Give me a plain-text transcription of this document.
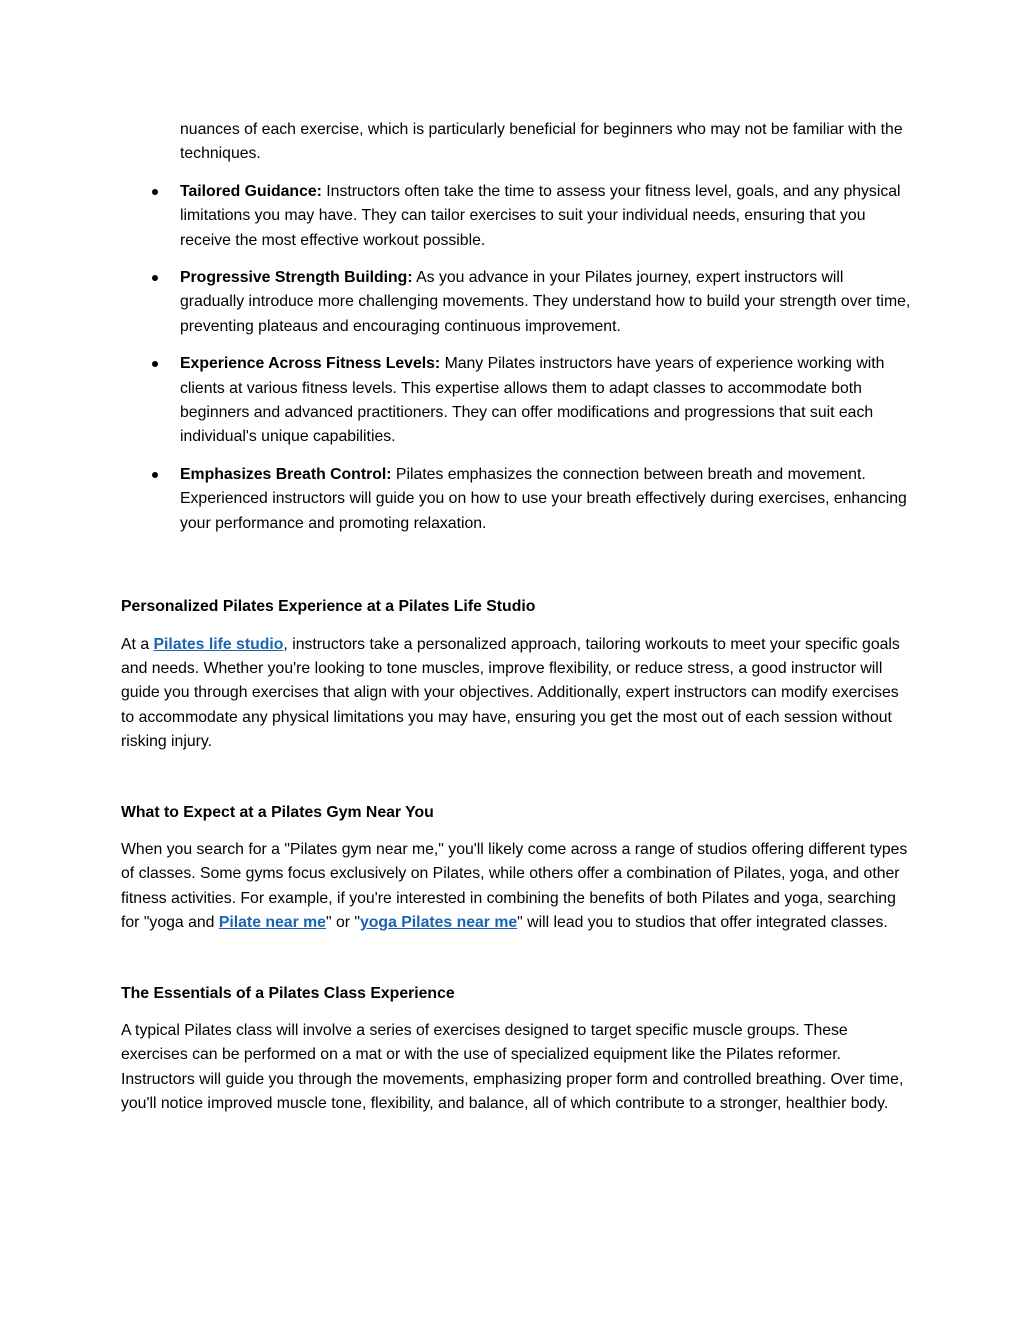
nuances of each exercise, which is particularly beneficial for beginners who may not be familiar with the techniques.

Tailored Guidance: Instructors often take the time to assess your fitness level, goals, and any physical limitations you may have. They can tailor exercises to suit your individual needs, ensuring that you receive the most effective workout possible.
Progressive Strength Building: As you advance in your Pilates journey, expert instructors will gradually introduce more challenging movements. They understand how to build your strength over time, preventing plateaus and encouraging continuous improvement.
Experience Across Fitness Levels: Many Pilates instructors have years of experience working with clients at various fitness levels. This expertise allows them to adapt classes to accommodate both beginners and advanced practitioners. They can offer modifications and progressions that suit each individual's unique capabilities.
Emphasizes Breath Control: Pilates emphasizes the connection between breath and movement. Experienced instructors will guide you on how to use your breath effectively during exercises, enhancing your performance and promoting relaxation.
Personalized Pilates Experience at a Pilates Life Studio

At a Pilates life studio, instructors take a personalized approach, tailoring workouts to meet your specific goals and needs. Whether you're looking to tone muscles, improve flexibility, or reduce stress, a good instructor will guide you through exercises that align with your objectives. Additionally, expert instructors can modify exercises to accommodate any physical limitations you may have, ensuring you get the most out of each session without risking injury.

What to Expect at a Pilates Gym Near You

When you search for a "Pilates gym near me," you'll likely come across a range of studios offering different types of classes. Some gyms focus exclusively on Pilates, while others offer a combination of Pilates, yoga, and other fitness activities. For example, if you're interested in combining the benefits of both Pilates and yoga, searching for "yoga and Pilate near me" or "yoga Pilates near me" will lead you to studios that offer integrated classes.

The Essentials of a Pilates Class Experience

A typical Pilates class will involve a series of exercises designed to target specific muscle groups. These exercises can be performed on a mat or with the use of specialized equipment like the Pilates reformer. Instructors will guide you through the movements, emphasizing proper form and controlled breathing. Over time, you'll notice improved muscle tone, flexibility, and balance, all of which contribute to a stronger, healthier body.
